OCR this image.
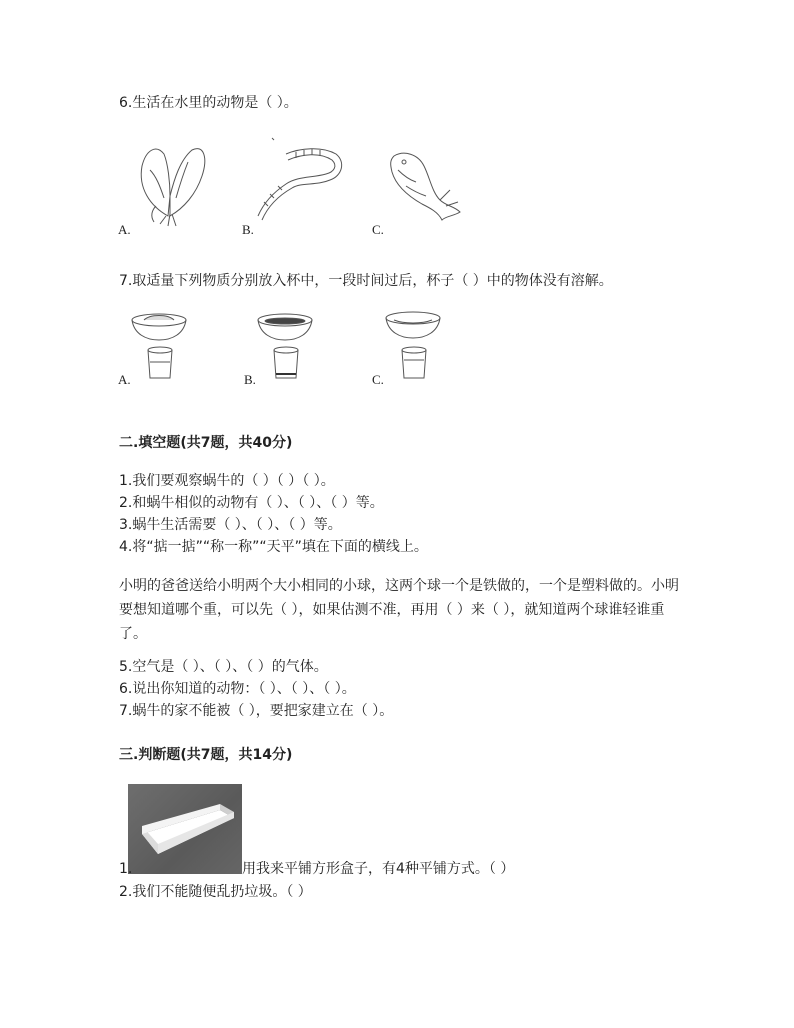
6.生活在水里的动物是（ ）。
A.	B.	C.
7.取适量下列物质分别放入杯中，一段时间过后，杯子（ ）中的物体没有溶解。
A.	B.	C.
二.填空题(共7题，共40分)
1.我们要观察蜗牛的（ ）（ ）（ ）。
2.和蜗牛相似的动物有（ ）、（ ）、（ ）等。
3.蜗牛生活需要（ ）、（ ）、（ ）等。
4.将“掂一掂”“称一称”“天平”填在下面的横线上。
小明的爸爸送给小明两个大小相同的小球，这两个球一个是铁做的，一个是塑料做的。小明要想知道哪个重，可以先（ ），如果估测不准，再用（ ）来（ ），就知道两个球谁轻谁重了。
5.空气是（ ）、（ ）、（ ）的气体。
6.说出你知道的动物：（ ）、（ ）、（ ）。
7.蜗牛的家不能被（ ），要把家建立在（ ）。
三.判断题(共7题，共14分)
1.	用我来平铺方形盒子，有4种平铺方式。（ ）
2.我们不能随便乱扔垃圾。（ ）
